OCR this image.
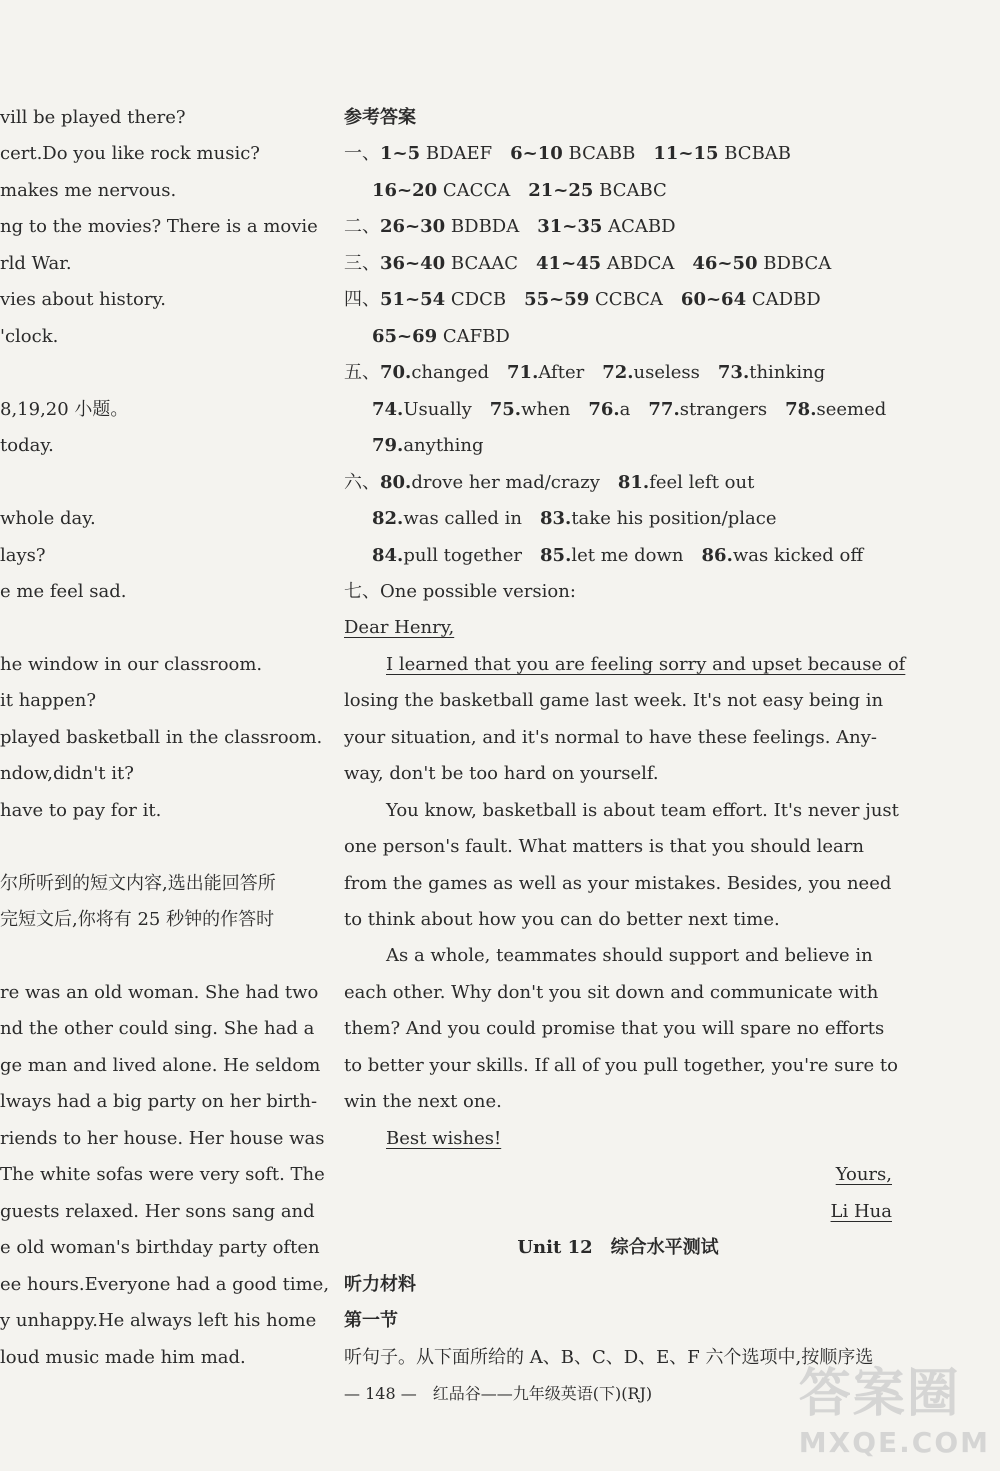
vill be played there?
cert.Do you like rock music?
makes me nervous.
ng to the movies? There is a movie
rld War.
vies about history.
'clock.
8,19,20 小题。
today.
whole day.
lays?
e me feel sad.
he window in our classroom.
it happen?
played basketball in the classroom.
ndow,didn't it?
have to pay for it.
尔所听到的短文内容,选出能回答所
完短文后,你将有 25 秒钟的作答时
re was an old woman. She had two
nd the other could sing. She had a
ge man and lived alone. He seldom
lways had a big party on her birth-
riends to her house. Her house was
The white sofas were very soft. The
guests relaxed. Her sons sang and
e old woman's birthday party often
ee hours.Everyone had a good time,
y unhappy.He always left his home
loud music made him mad.
参考答案
一、1~5 BDAEF 6~10 BCABB 11~15 BCBAB
16~20 CACCA 21~25 BCABC
二、26~30 BDBDA 31~35 ACABD
三、36~40 BCAAC 41~45 ABDCA 46~50 BDBCA
四、51~54 CDCB 55~59 CCBCA 60~64 CADBD
65~69 CAFBD
五、70.changed 71.After 72.useless 73.thinking
74.Usually 75.when 76.a 77.strangers 78.seemed
79.anything
六、80.drove her mad/crazy 81.feel left out
82.was called in 83.take his position/place
84.pull together 85.let me down 86.was kicked off
七、One possible version:
Dear Henry,
I learned that you are feeling sorry and upset because of
losing the basketball game last week. It's not easy being in
your situation, and it's normal to have these feelings. Any-
way, don't be too hard on yourself.
You know, basketball is about team effort. It's never just
one person's fault. What matters is that you should learn
from the games as well as your mistakes. Besides, you need
to think about how you can do better next time.
As a whole, teammates should support and believe in
each other. Why don't you sit down and communicate with
them? And you could promise that you will spare no efforts
to better your skills. If all of you pull together, you're sure to
win the next one.
Best wishes!
Yours,
Li Hua
Unit 12　综合水平测试
听力材料
第一节
听句子。从下面所给的 A、B、C、D、E、F 六个选项中,按顺序选
— 148 —　红品谷——九年级英语(下)(RJ)	答案圈
MXQE.COM
